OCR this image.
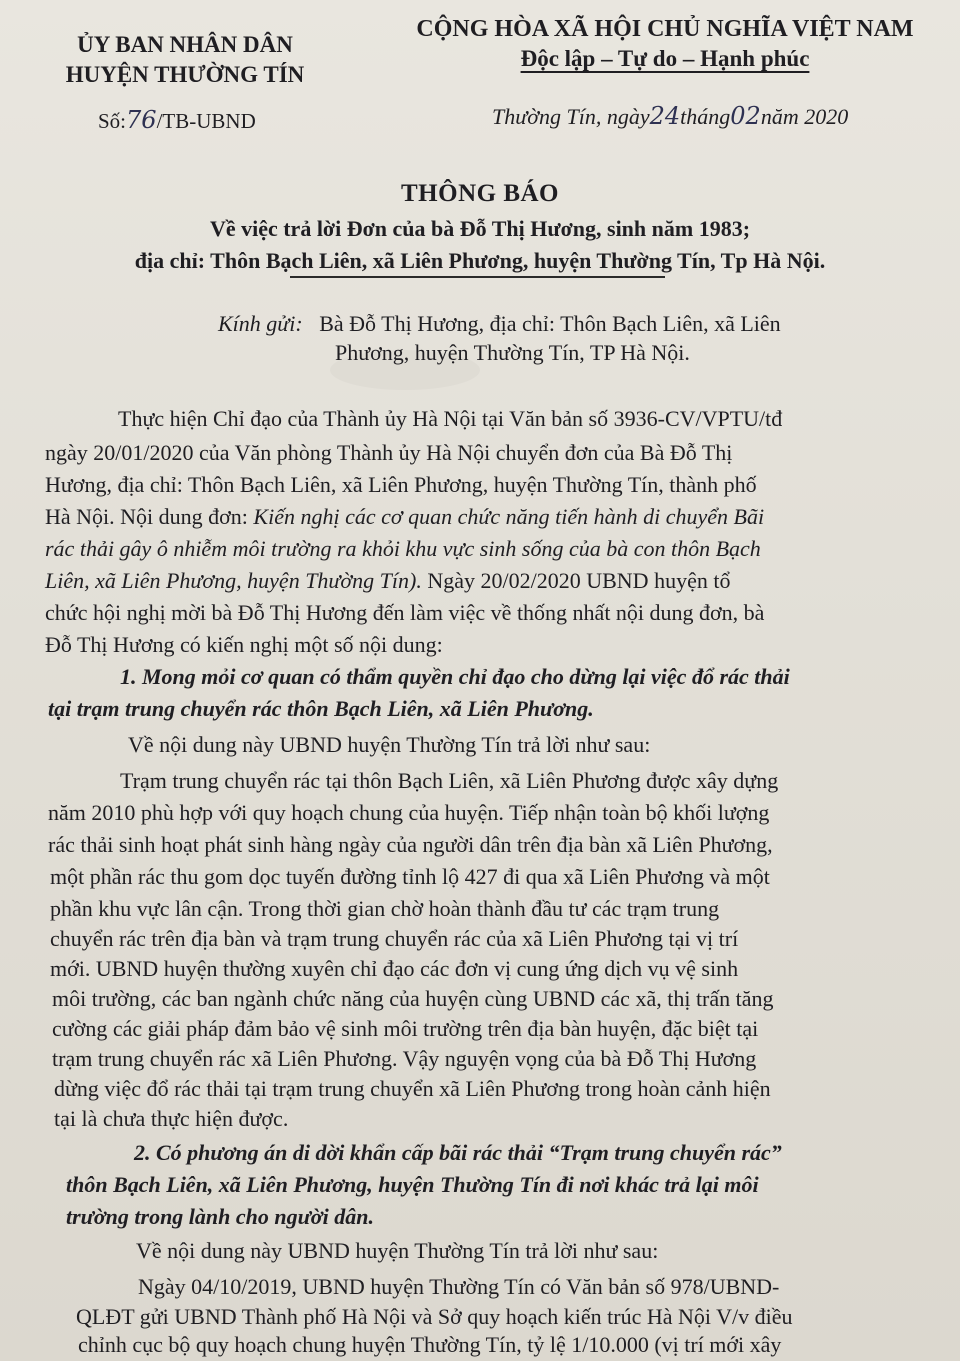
ỦY BAN NHÂN DÂN
HUYỆN THƯỜNG TÍN
CỘNG HÒA XÃ HỘI CHỦ NGHĨA VIỆT NAM
Độc lập – Tự do – Hạnh phúc
Số:76/TB-UBND	Thường Tín, ngày24tháng02năm 2020
THÔNG BÁO
Về việc trả lời Đơn của bà Đỗ Thị Hương, sinh năm 1983;
địa chỉ: Thôn Bạch Liên, xã Liên Phương, huyện Thường Tín, Tp Hà Nội.
Kính gửi: Bà Đỗ Thị Hương, địa chỉ: Thôn Bạch Liên, xã Liên
Phương, huyện Thường Tín, TP Hà Nội.
Thực hiện Chỉ đạo của Thành ủy Hà Nội tại Văn bản số 3936-CV/VPTU/tđ
ngày 20/01/2020 của Văn phòng Thành ủy Hà Nội chuyển đơn của Bà Đỗ Thị
Hương, địa chỉ: Thôn Bạch Liên, xã Liên Phương, huyện Thường Tín, thành phố
Hà Nội. Nội dung đơn: Kiến nghị các cơ quan chức năng tiến hành di chuyển Bãi
rác thải gây ô nhiễm môi trường ra khỏi khu vực sinh sống của bà con thôn Bạch
Liên, xã Liên Phương, huyện Thường Tín). Ngày 20/02/2020 UBND huyện tổ
chức hội nghị mời bà Đỗ Thị Hương đến làm việc về thống nhất nội dung đơn, bà
Đỗ Thị Hương có kiến nghị một số nội dung:
1. Mong mỏi cơ quan có thẩm quyền chỉ đạo cho dừng lại việc đổ rác thải
tại trạm trung chuyển rác thôn Bạch Liên, xã Liên Phương.
Về nội dung này UBND huyện Thường Tín trả lời như sau:
Trạm trung chuyển rác tại thôn Bạch Liên, xã Liên Phương được xây dựng
năm 2010 phù hợp với quy hoạch chung của huyện. Tiếp nhận toàn bộ khối lượng
rác thải sinh hoạt phát sinh hàng ngày của người dân trên địa bàn xã Liên Phương,
một phần rác thu gom dọc tuyến đường tỉnh lộ 427 đi qua xã Liên Phương và một
phần khu vực lân cận. Trong thời gian chờ hoàn thành đầu tư các trạm trung
chuyển rác trên địa bàn và trạm trung chuyển rác của xã Liên Phương tại vị trí
mới. UBND huyện thường xuyên chỉ đạo các đơn vị cung ứng dịch vụ vệ sinh
môi trường, các ban ngành chức năng của huyện cùng UBND các xã, thị trấn tăng
cường các giải pháp đảm bảo vệ sinh môi trường trên địa bàn huyện, đặc biệt tại
trạm trung chuyển rác xã Liên Phương. Vậy nguyện vọng của bà Đỗ Thị Hương
dừng việc đổ rác thải tại trạm trung chuyển xã Liên Phương trong hoàn cảnh hiện
tại là chưa thực hiện được.
2. Có phương án di dời khẩn cấp bãi rác thải “Trạm trung chuyển rác”
thôn Bạch Liên, xã Liên Phương, huyện Thường Tín đi nơi khác trả lại môi
trường trong lành cho người dân.
Về nội dung này UBND huyện Thường Tín trả lời như sau:
Ngày 04/10/2019, UBND huyện Thường Tín có Văn bản số 978/UBND-
QLĐT gửi UBND Thành phố Hà Nội và Sở quy hoạch kiến trúc Hà Nội V/v điều
chỉnh cục bộ quy hoạch chung huyện Thường Tín, tỷ lệ 1/10.000 (vị trí mới xây
